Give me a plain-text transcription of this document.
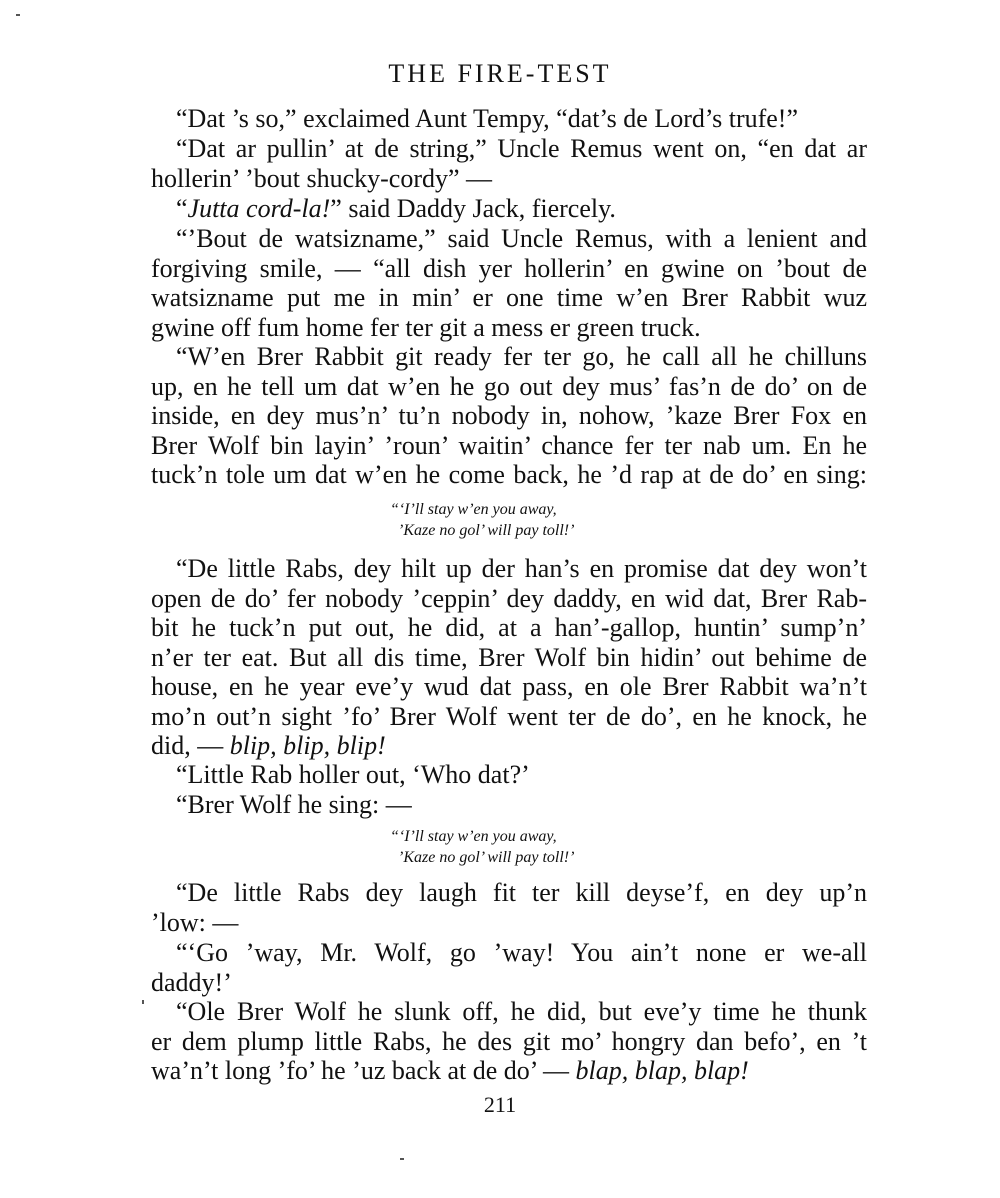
THE FIRE-TEST
“Dat ’s so,” exclaimed Aunt Tempy, “dat’s de Lord’s trufe!”
“Dat ar pullin’ at de string,” Uncle Remus went on, “en dat ar
hollerin’ ’bout shucky-cordy” —
“Jutta cord-la!” said Daddy Jack, fiercely.
“’Bout de watsizname,” said Uncle Remus, with a lenient and
forgiving smile, — “all dish yer hollerin’ en gwine on ’bout de
watsizname put me in min’ er one time w’en Brer Rabbit wuz
gwine off fum home fer ter git a mess er green truck.
“W’en Brer Rabbit git ready fer ter go, he call all he chilluns
up, en he tell um dat w’en he go out dey mus’ fas’n de do’ on de
inside, en dey mus’n’ tu’n nobody in, nohow, ’kaze Brer Fox en
Brer Wolf bin layin’ ’roun’ waitin’ chance fer ter nab um. En he
tuck’n tole um dat w’en he come back, he ’d rap at de do’ en sing:
“‘I’ll stay w’en you away,
’Kaze no gol’ will pay toll!’
“De little Rabs, dey hilt up der han’s en promise dat dey won’t
open de do’ fer nobody ’ceppin’ dey daddy, en wid dat, Brer Rab-
bit he tuck’n put out, he did, at a han’-gallop, huntin’ sump’n’
n’er ter eat. But all dis time, Brer Wolf bin hidin’ out behime de
house, en he year eve’y wud dat pass, en ole Brer Rabbit wa’n’t
mo’n out’n sight ’fo’ Brer Wolf went ter de do’, en he knock, he
did, — blip, blip, blip!
“Little Rab holler out, ‘Who dat?’
“Brer Wolf he sing: —
“‘I’ll stay w’en you away,
’Kaze no gol’ will pay toll!’
“De little Rabs dey laugh fit ter kill deyse’f, en dey up’n
’low: —
“‘Go ’way, Mr. Wolf, go ’way! You ain’t none er we-all
daddy!’
“Ole Brer Wolf he slunk off, he did, but eve’y time he thunk
er dem plump little Rabs, he des git mo’ hongry dan befo’, en ’t
wa’n’t long ’fo’ he ’uz back at de do’ — blap, blap, blap!
211
